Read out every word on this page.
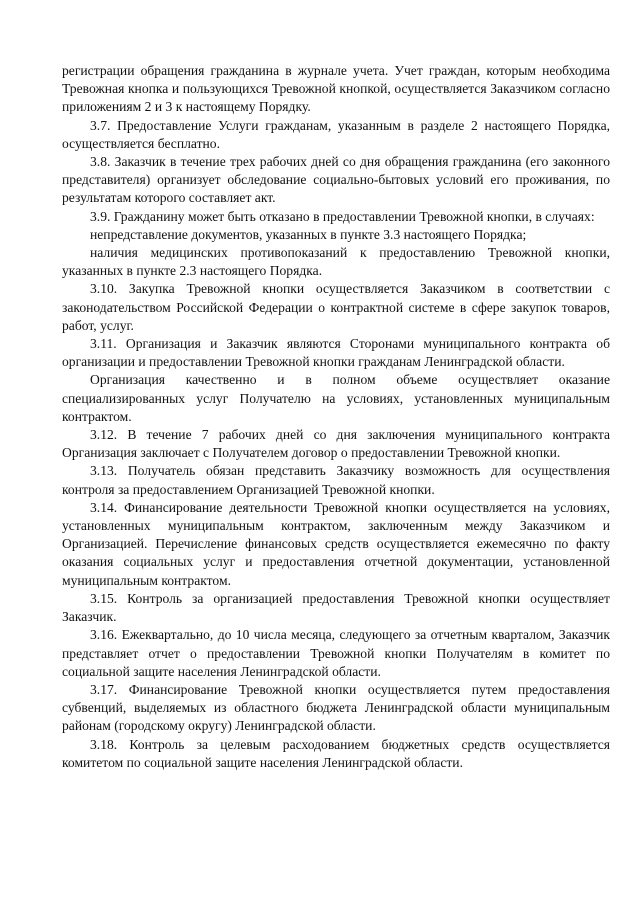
регистрации обращения гражданина в журнале учета. Учет граждан, которым необходима Тревожная кнопка и пользующихся Тревожной кнопкой, осуществляется Заказчиком согласно приложениям 2 и 3 к настоящему Порядку.

3.7. Предоставление Услуги гражданам, указанным в разделе 2 настоящего Порядка, осуществляется бесплатно.

3.8. Заказчик в течение трех рабочих дней со дня обращения гражданина (его законного представителя) организует обследование социально-бытовых условий его проживания, по результатам которого составляет акт.

3.9. Гражданину может быть отказано в предоставлении Тревожной кнопки, в случаях:

непредставление документов, указанных в пункте 3.3 настоящего Порядка;

наличия медицинских противопоказаний к предоставлению Тревожной кнопки, указанных в пункте 2.3 настоящего Порядка.

3.10. Закупка Тревожной кнопки осуществляется Заказчиком в соответствии с законодательством Российской Федерации о контрактной системе в сфере закупок товаров, работ, услуг.

3.11. Организация и Заказчик являются Сторонами муниципального контракта об организации и предоставлении Тревожной кнопки гражданам Ленинградской области.

Организация качественно и в полном объеме осуществляет оказание специализированных услуг Получателю на условиях, установленных муниципальным контрактом.

3.12. В течение 7 рабочих дней со дня заключения муниципального контракта Организация заключает с Получателем договор о предоставлении Тревожной кнопки.

3.13. Получатель обязан представить Заказчику возможность для осуществления контроля за предоставлением Организацией Тревожной кнопки.

3.14. Финансирование деятельности Тревожной кнопки осуществляется на условиях, установленных муниципальным контрактом, заключенным между Заказчиком и Организацией. Перечисление финансовых средств осуществляется ежемесячно по факту оказания социальных услуг и предоставления отчетной документации, установленной муниципальным контрактом.

3.15. Контроль за организацией предоставления Тревожной кнопки осуществляет Заказчик.

3.16. Ежеквартально, до 10 числа месяца, следующего за отчетным кварталом, Заказчик представляет отчет о предоставлении Тревожной кнопки Получателям в комитет по социальной защите населения Ленинградской области.

3.17. Финансирование Тревожной кнопки осуществляется путем предоставления субвенций, выделяемых из областного бюджета Ленинградской области муниципальным районам (городскому округу) Ленинградской области.

3.18. Контроль за целевым расходованием бюджетных средств осуществляется комитетом по социальной защите населения Ленинградской области.
